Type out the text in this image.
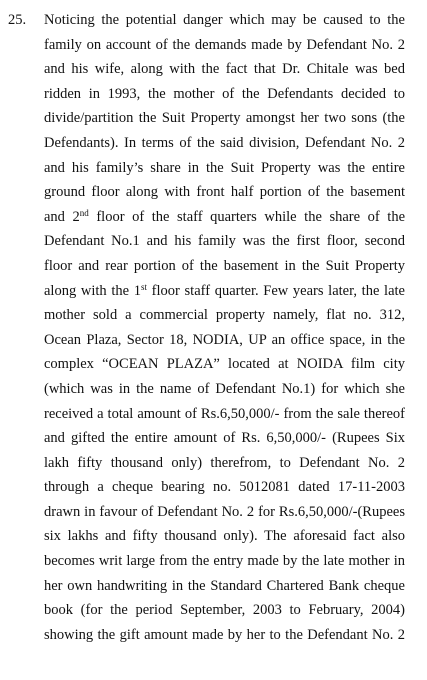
25. Noticing the potential danger which may be caused to the
family on account of the demands made by Defendant No. 2
and his wife, along with the fact that Dr. Chitale was bed
ridden in 1993, the mother of the Defendants decided to
divide/partition the Suit Property amongst her two sons (the
Defendants). In terms of the said division, Defendant No. 2
and his family’s share in the Suit Property was the entire
ground floor along with front half portion of the basement
and 2nd floor of the staff quarters while the share of the
Defendant No.1 and his family was the first floor, second
floor and rear portion of the basement in the Suit Property
along with the 1st floor staff quarter. Few years later, the late
mother sold a commercial property namely, flat no. 312,
Ocean Plaza, Sector 18, NODIA, UP an office space, in the
complex “OCEAN PLAZA” located at NOIDA film city
(which was in the name of Defendant No.1) for which she
received a total amount of Rs.6,50,000/- from the sale thereof
and gifted the entire amount of Rs. 6,50,000/- (Rupees Six
lakh fifty thousand only) therefrom, to Defendant No. 2
through a cheque bearing no. 5012081 dated 17-11-2003
drawn in favour of Defendant No. 2 for Rs.6,50,000/-(Rupees
six lakhs and fifty thousand only). The aforesaid fact also
becomes writ large from the entry made by the late mother in
her own handwriting in the Standard Chartered Bank cheque
book (for the period September, 2003 to February, 2004)
showing the gift amount made by her to the Defendant No. 2
